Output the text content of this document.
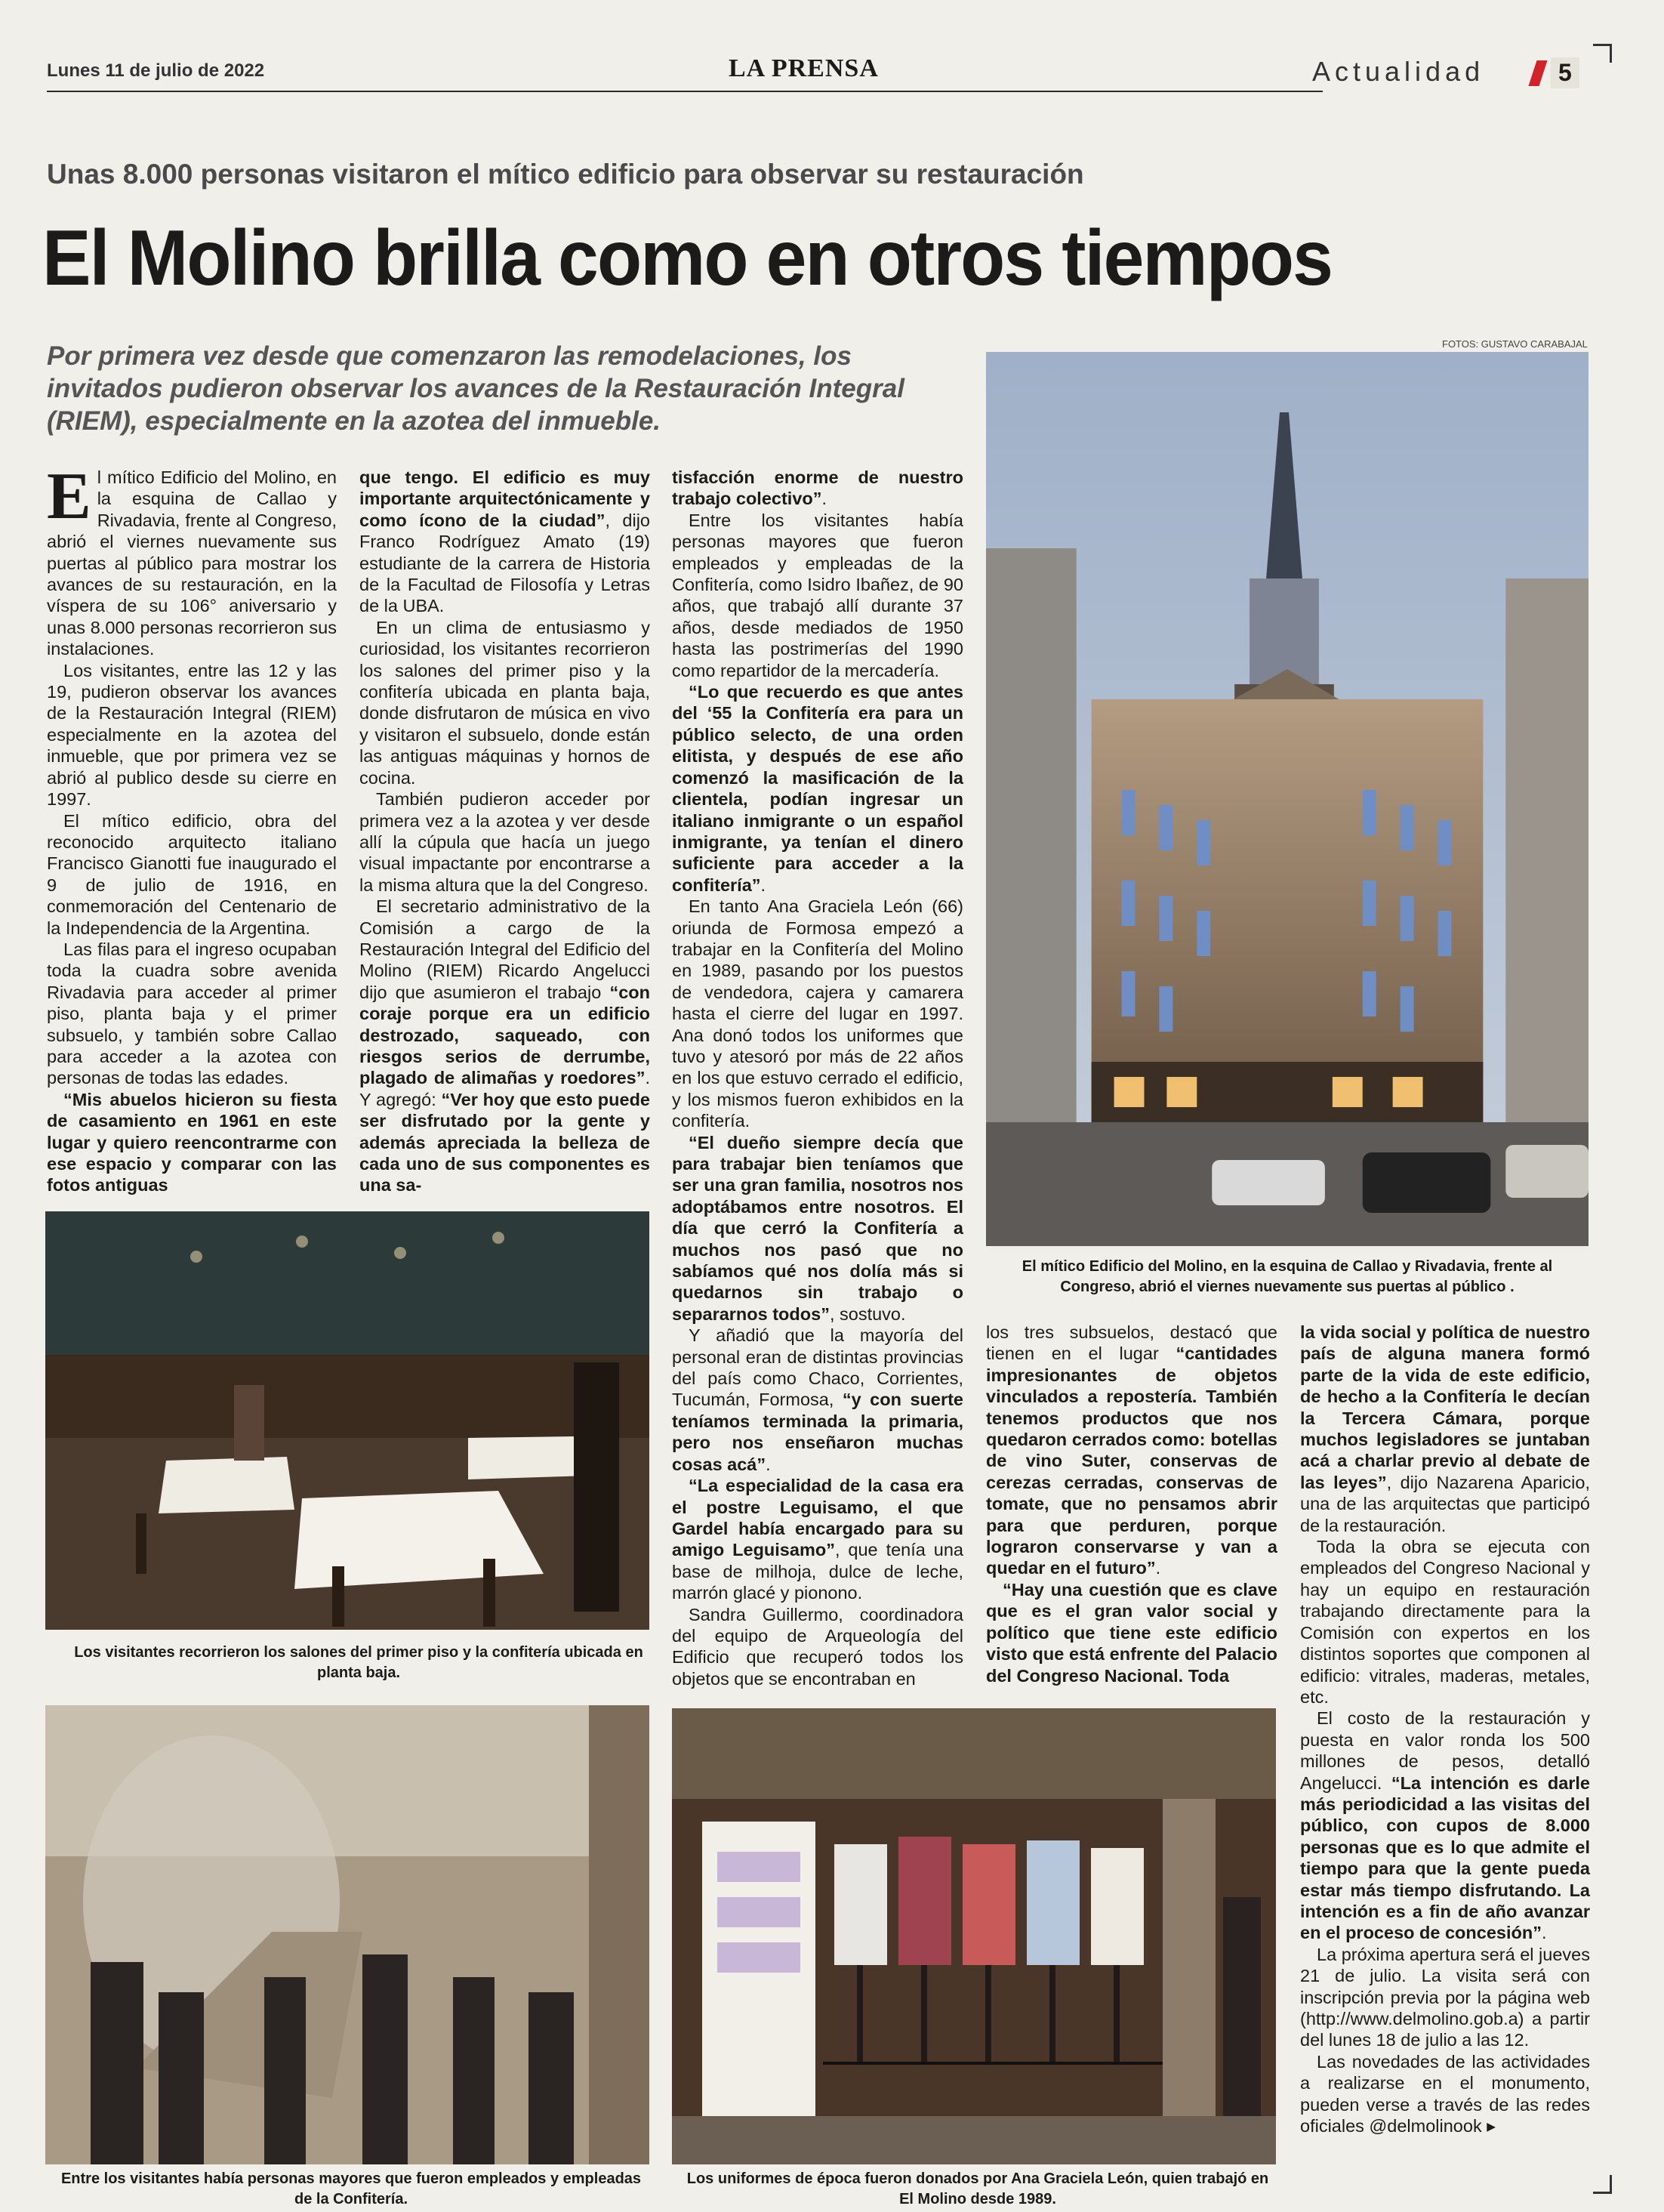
Lunes 11 de julio de 2022	LA PRENSA	Actualidad	5
Unas 8.000 personas visitaron el mítico edificio para observar su restauración
El Molino brilla como en otros tiempos
Por primera vez desde que comenzaron las remodelaciones, los invitados pudieron observar los avances de la Restauración Integral (RIEM), especialmente en la azotea del inmueble.
FOTOS: GUSTAVO CARABAJAL
El mítico Edificio del Molino, en la esquina de Callao y Rivadavia, frente al Congreso, abrió el viernes nuevamente sus puertas al público .
E l mítico Edificio del Molino, en la esquina de Callao y Rivadavia, frente al Congreso, abrió el viernes nuevamente sus puertas al público para mostrar los avances de su restauración, en la víspera de su 106° aniversario y unas 8.000 personas recorrieron sus instalaciones.

Los visitantes, entre las 12 y las 19, pudieron observar los avances de la Restauración Integral (RIEM) especialmente en la azotea del inmueble, que por primera vez se abrió al publico desde su cierre en 1997.

El mítico edificio, obra del reconocido arquitecto italiano Francisco Gianotti fue inaugurado el 9 de julio de 1916, en conmemoración del Centenario de la Independencia de la Argentina.

Las filas para el ingreso ocupaban toda la cuadra sobre avenida Rivadavia para acceder al primer piso, planta baja y el primer subsuelo, y también sobre Callao para acceder a la azotea con personas de todas las edades.

“Mis abuelos hicieron su fiesta de casamiento en 1961 en este lugar y quiero reencontrarme con ese espacio y comparar con las fotos antiguas

que tengo. El edificio es muy importante arquitectónicamente y como ícono de la ciudad”, dijo Franco Rodríguez Amato (19) estudiante de la carrera de Historia de la Facultad de Filosofía y Letras de la UBA.

En un clima de entusiasmo y curiosidad, los visitantes recorrieron los salones del primer piso y la confitería ubicada en planta baja, donde disfrutaron de música en vivo y visitaron el subsuelo, donde están las antiguas máquinas y hornos de cocina.

También pudieron acceder por primera vez a la azotea y ver desde allí la cúpula que hacía un juego visual impactante por encontrarse a la misma altura que la del Congreso.

El secretario administrativo de la Comisión a cargo de la Restauración Integral del Edificio del Molino (RIEM) Ricardo Angelucci dijo que asumieron el trabajo “con coraje porque era un edificio destrozado, saqueado, con riesgos serios de derrumbe, plagado de alimañas y roedores”. Y agregó: “Ver hoy que esto puede ser disfrutado por la gente y además apreciada la belleza de cada uno de sus componentes es una sa-

tisfacción enorme de nuestro trabajo colectivo”.

Entre los visitantes había personas mayores que fueron empleados y empleadas de la Confitería, como Isidro Ibañez, de 90 años, que trabajó allí durante 37 años, desde mediados de 1950 hasta las postrimerías del 1990 como repartidor de la mercadería.

“Lo que recuerdo es que antes del ‘55 la Confitería era para un público selecto, de una orden elitista, y después de ese año comenzó la masificación de la clientela, podían ingresar un italiano inmigrante o un español inmigrante, ya tenían el dinero suficiente para acceder a la confitería”.

En tanto Ana Graciela León (66) oriunda de Formosa empezó a trabajar en la Confitería del Molino en 1989, pasando por los puestos de vendedora, cajera y camarera hasta el cierre del lugar en 1997. Ana donó todos los uniformes que tuvo y atesoró por más de 22 años en los que estuvo cerrado el edificio, y los mismos fueron exhibidos en la confitería.

“El dueño siempre decía que para trabajar bien teníamos que ser una gran familia, nosotros nos adoptábamos entre nosotros. El día que cerró la Confitería a muchos nos pasó que no sabíamos qué nos dolía más si quedarnos sin trabajo o separarnos todos”, sostuvo.

Y añadió que la mayoría del personal eran de distintas provincias del país como Chaco, Corrientes, Tucumán, Formosa, “y con suerte teníamos terminada la primaria, pero nos enseñaron muchas cosas acá”.

“La especialidad de la casa era el postre Leguisamo, el que Gardel había encargado para su amigo Leguisamo”, que tenía una base de milhoja, dulce de leche, marrón glacé y pionono.

Sandra Guillermo, coordinadora del equipo de Arqueología del Edificio que recuperó todos los objetos que se encontraban en

los tres subsuelos, destacó que tienen en el lugar “cantidades impresionantes de objetos vinculados a repostería. También tenemos productos que nos quedaron cerrados como: botellas de vino Suter, conservas de cerezas cerradas, conservas de tomate, que no pensamos abrir para que perduren, porque lograron conservarse y van a quedar en el futuro”.

“Hay una cuestión que es clave que es el gran valor social y político que tiene este edificio visto que está enfrente del Palacio del Congreso Nacional. Toda

la vida social y política de nuestro país de alguna manera formó parte de la vida de este edificio, de hecho a la Confitería le decían la Tercera Cámara, porque muchos legisladores se juntaban acá a charlar previo al debate de las leyes”, dijo Nazarena Aparicio, una de las arquitectas que participó de la restauración.

Toda la obra se ejecuta con empleados del Congreso Nacional y hay un equipo en restauración trabajando directamente para la Comisión con expertos en los distintos soportes que componen al edificio: vitrales, maderas, metales, etc.

El costo de la restauración y puesta en valor ronda los 500 millones de pesos, detalló Angelucci. “La intención es darle más periodicidad a las visitas del público, con cupos de 8.000 personas que es lo que admite el tiempo para que la gente pueda estar más tiempo disfrutando. La intención es a fin de año avanzar en el proceso de concesión”.

La próxima apertura será el jueves 21 de julio. La visita será con inscripción previa por la página web (http://www.delmolino.gob.a) a partir del lunes 18 de julio a las 12.

Las novedades de las actividades a realizarse en el monumento, pueden verse a través de las redes oficiales @delmolinook ▸

Los visitantes recorrieron los salones del primer piso y la confitería ubicada en planta baja.
Entre los visitantes había personas mayores que fueron empleados y empleadas de la Confitería.
Los uniformes de época fueron donados por Ana Graciela León, quien trabajó en El Molino desde 1989.
